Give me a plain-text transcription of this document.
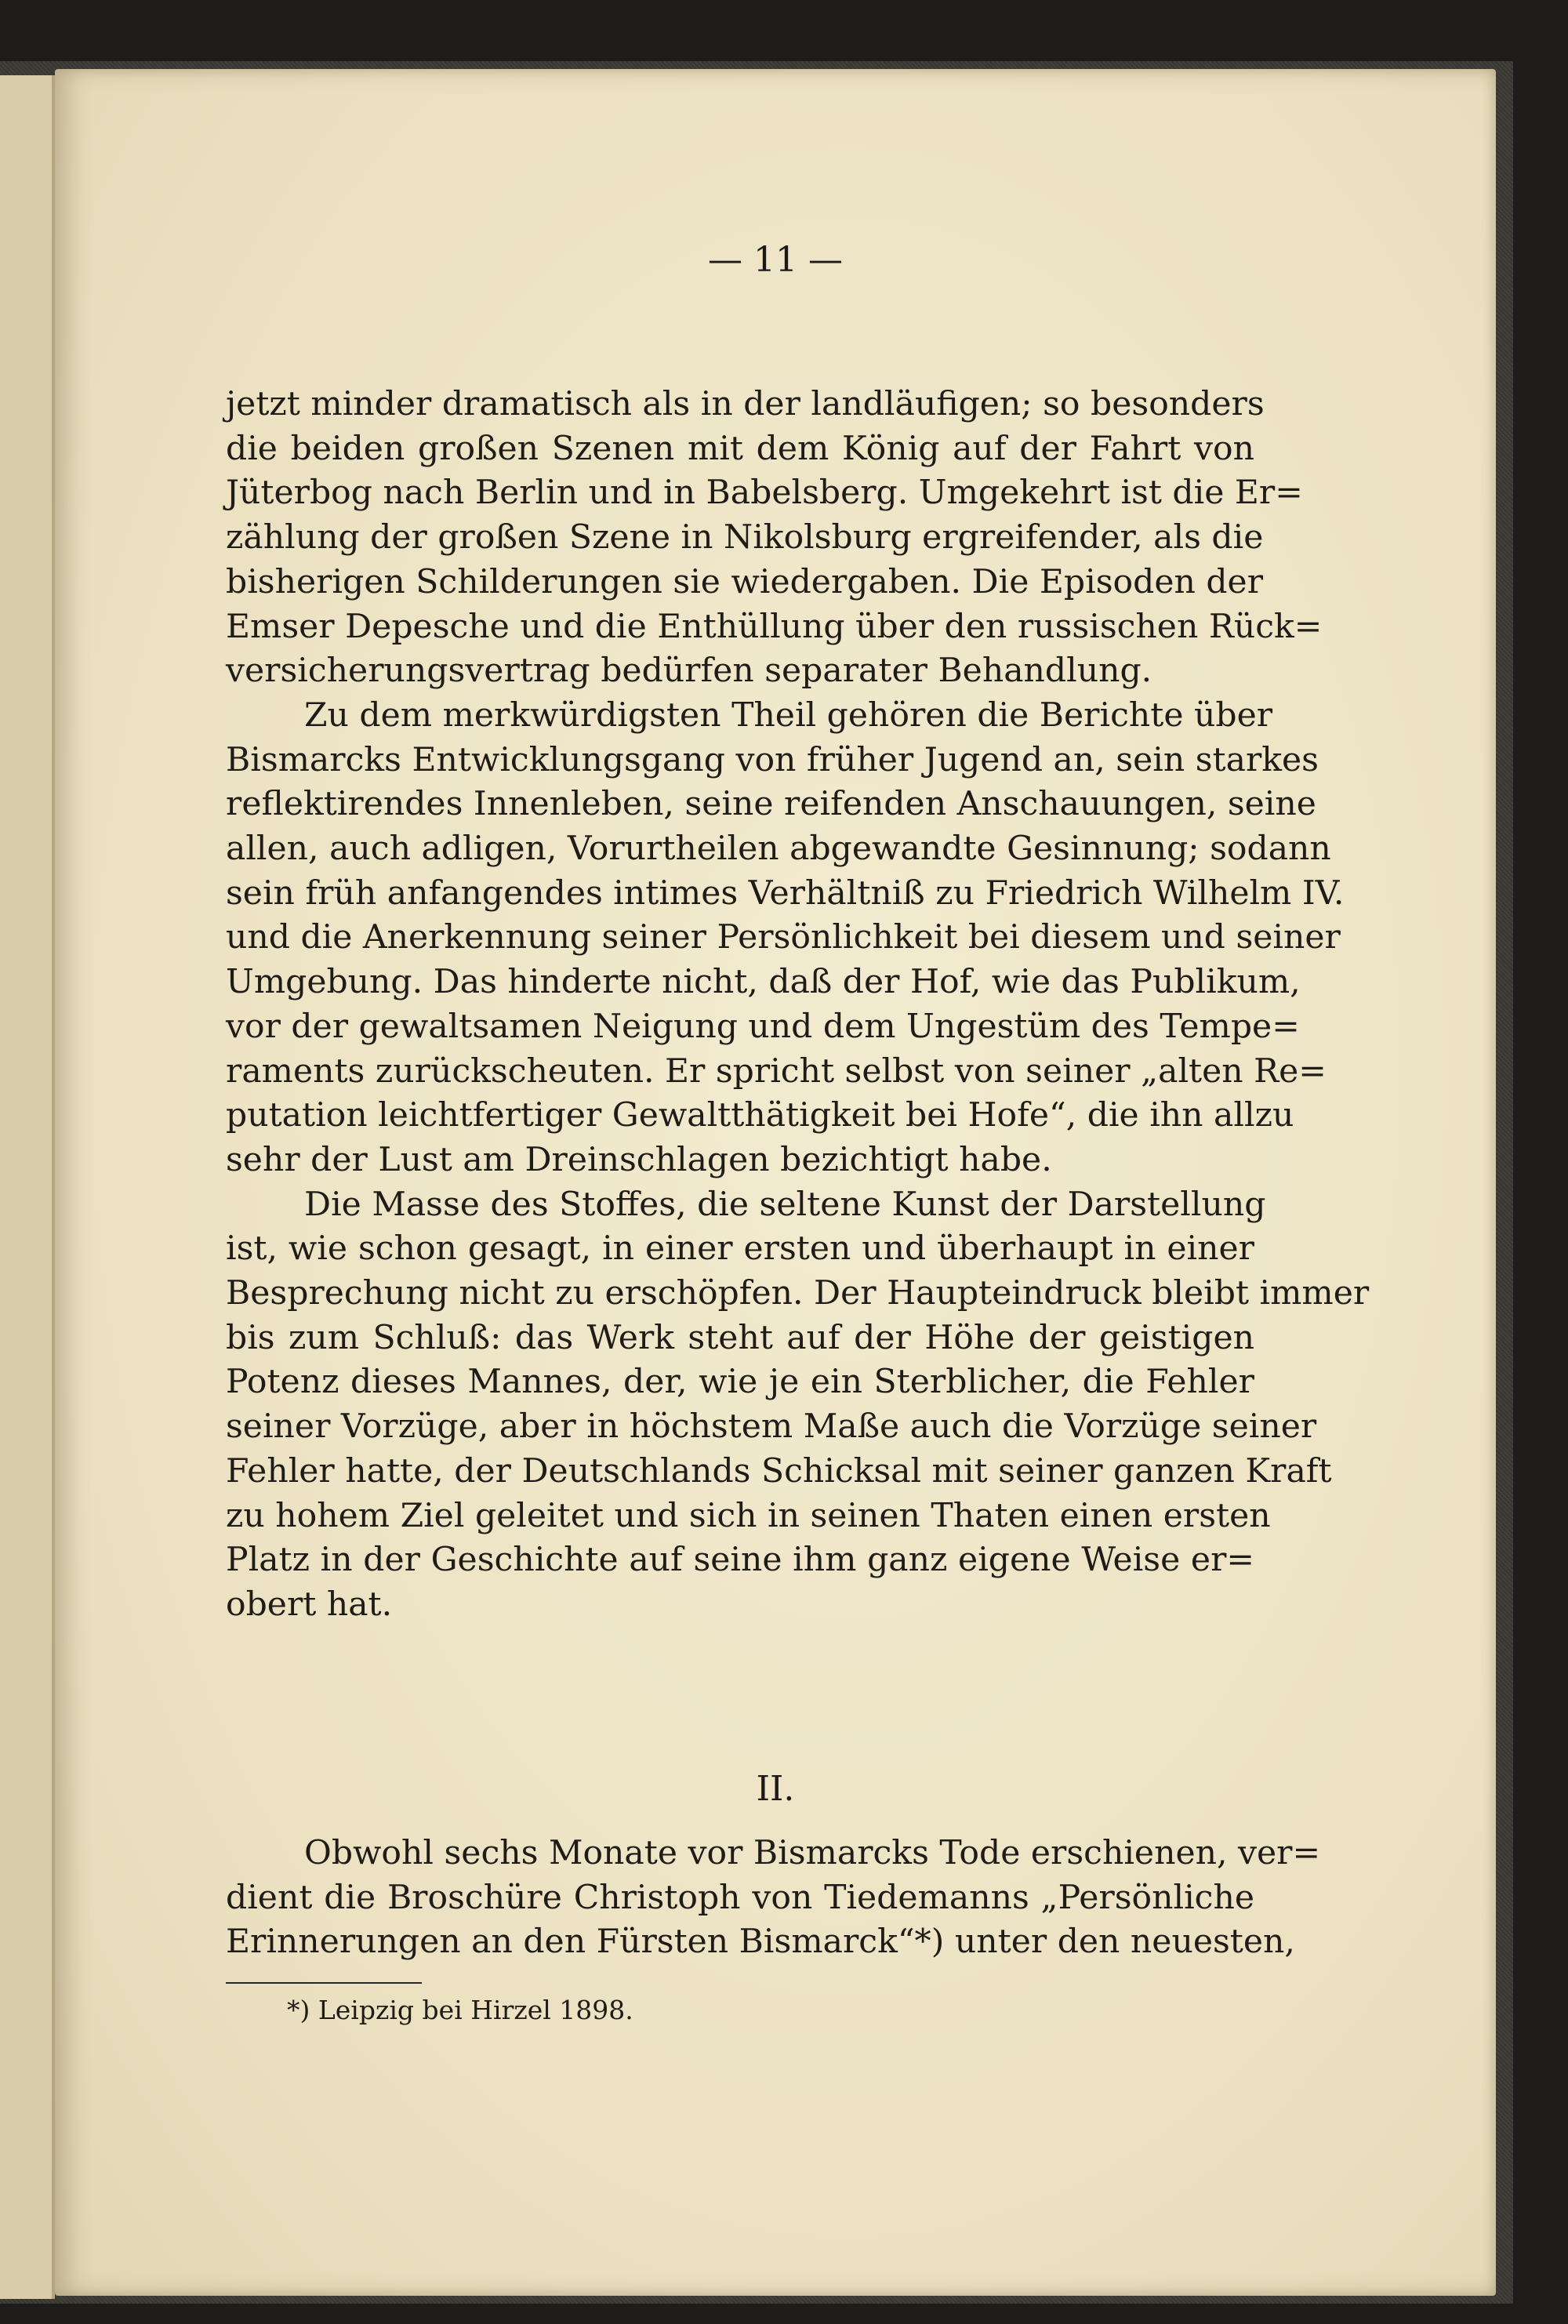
— 11 —
jetzt minder dramatisch als in der landläufigen; so besonders
die beiden großen Szenen mit dem König auf der Fahrt von
Jüterbog nach Berlin und in Babelsberg. Umgekehrt ist die Er=
zählung der großen Szene in Nikolsburg ergreifender, als die
bisherigen Schilderungen sie wiedergaben. Die Episoden der
Emser Depesche und die Enthüllung über den russischen Rück=
versicherungsvertrag bedürfen separater Behandlung.
Zu dem merkwürdigsten Theil gehören die Berichte über
Bismarcks Entwicklungsgang von früher Jugend an, sein starkes
reflektirendes Innenleben, seine reifenden Anschauungen, seine
allen, auch adligen, Vorurtheilen abgewandte Gesinnung; sodann
sein früh anfangendes intimes Verhältniß zu Friedrich Wilhelm IV.
und die Anerkennung seiner Persönlichkeit bei diesem und seiner
Umgebung. Das hinderte nicht, daß der Hof, wie das Publikum,
vor der gewaltsamen Neigung und dem Ungestüm des Tempe=
raments zurückscheuten. Er spricht selbst von seiner „alten Re=
putation leichtfertiger Gewaltthätigkeit bei Hofe“, die ihn allzu
sehr der Lust am Dreinschlagen bezichtigt habe.
Die Masse des Stoffes, die seltene Kunst der Darstellung
ist, wie schon gesagt, in einer ersten und überhaupt in einer
Besprechung nicht zu erschöpfen. Der Haupteindruck bleibt immer
bis zum Schluß: das Werk steht auf der Höhe der geistigen
Potenz dieses Mannes, der, wie je ein Sterblicher, die Fehler
seiner Vorzüge, aber in höchstem Maße auch die Vorzüge seiner
Fehler hatte, der Deutschlands Schicksal mit seiner ganzen Kraft
zu hohem Ziel geleitet und sich in seinen Thaten einen ersten
Platz in der Geschichte auf seine ihm ganz eigene Weise er=
obert hat.
II.
Obwohl sechs Monate vor Bismarcks Tode erschienen, ver=
dient die Broschüre Christoph von Tiedemanns „Persönliche
Erinnerungen an den Fürsten Bismarck“*) unter den neuesten,
*) Leipzig bei Hirzel 1898.
